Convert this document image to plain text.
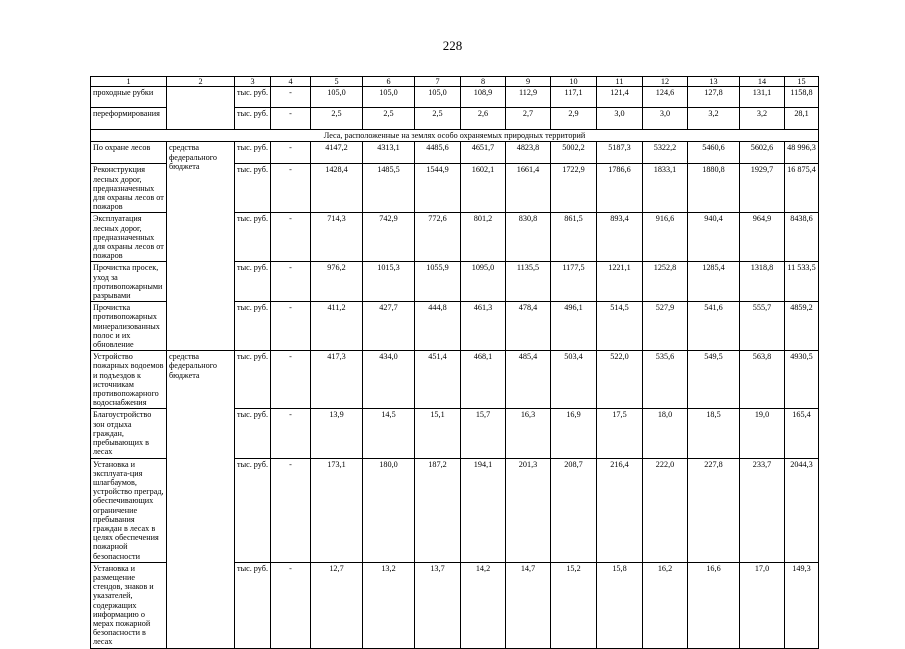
228
1	2	3	4	5	6	7	8	9	10	11	12	13	14	15
проходные рубки		тыс. руб.	-	105,0	105,0	105,0	108,9	112,9	117,1	121,4	124,6	127,8	131,1	1158,8
переформирования		тыс. руб.	-	2,5	2,5	2,5	2,6	2,7	2,9	3,0	3,0	3,2	3,2	28,1
Леса, расположенные на землях особо охраняемых природных территорий														
По охране лесов	средства федерального бюджета	тыс. руб.	-	4147,2	4313,1	4485,6	4651,7	4823,8	5002,2	5187,3	5322,2	5460,6	5602,6	48 996,3
Реконструкция лесных дорог, предназначенных для охраны лесов от пожаров		тыс. руб.	-	1428,4	1485,5	1544,9	1602,1	1661,4	1722,9	1786,6	1833,1	1880,8	1929,7	16 875,4
Эксплуатация лесных дорог, предназначенных для охраны лесов от пожаров		тыс. руб.	-	714,3	742,9	772,6	801,2	830,8	861,5	893,4	916,6	940,4	964,9	8438,6
Прочистка просек, уход за противопожарными разрывами		тыс. руб.	-	976,2	1015,3	1055,9	1095,0	1135,5	1177,5	1221,1	1252,8	1285,4	1318,8	11 533,5
Прочистка противопожарных минерализованных полос и их обновление		тыс. руб.	-	411,2	427,7	444,8	461,3	478,4	496,1	514,5	527,9	541,6	555,7	4859,2
Устройство пожарных водоемов и подъездов к источникам противопожарного водоснабжения	средства федерального бюджета	тыс. руб.	-	417,3	434,0	451,4	468,1	485,4	503,4	522,0	535,6	549,5	563,8	4930,5
Благоустройство зон отдыха граждан, пребывающих в лесах		тыс. руб.	-	13,9	14,5	15,1	15,7	16,3	16,9	17,5	18,0	18,5	19,0	165,4
Установка и эксплуата-ция шлагбаумов, устройство преград, обеспечивающих ограничение пребывания граждан в лесах в целях обеспечения пожарной безопасности		тыс. руб.	-	173,1	180,0	187,2	194,1	201,3	208,7	216,4	222,0	227,8	233,7	2044,3
Установка и размещение стендов, знаков и указателей, содержащих информацию о мерах пожарной безопасности в лесах		тыс. руб.	-	12,7	13,2	13,7	14,2	14,7	15,2	15,8	16,2	16,6	17,0	149,3
